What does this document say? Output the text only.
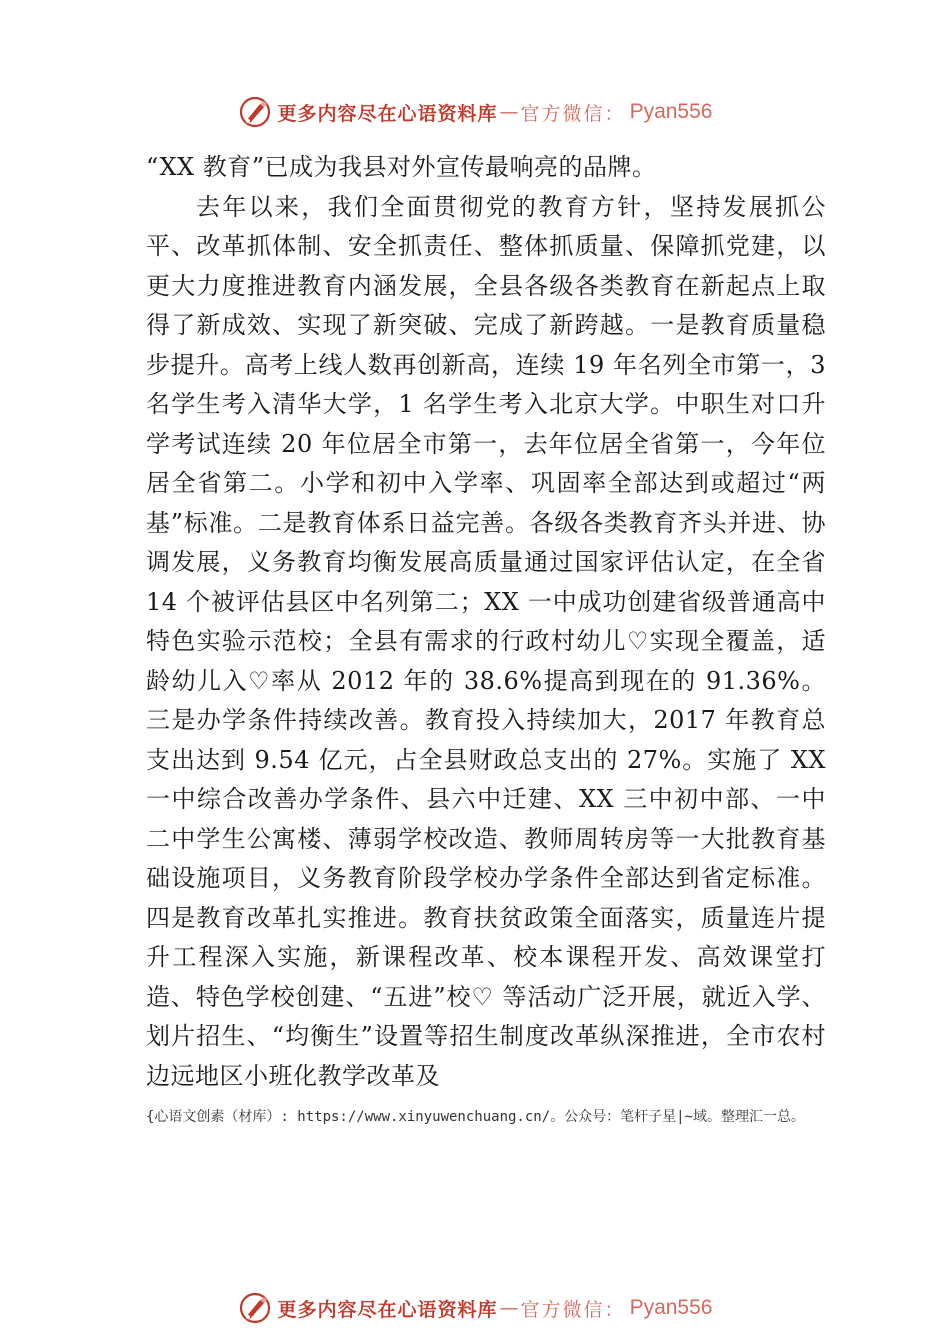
更多内容尽在心语资料库 — 官方微信： Pyan556

“XX 教育”已成为我县对外宣传最响亮的品牌。

去年以来，我们全面贯彻党的教育方针，坚持发展抓公平、改革抓体制、安全抓责任、整体抓质量、保障抓党建，以更大力度推进教育内涵发展，全县各级各类教育在新起点上取得了新成效、实现了新突破、完成了新跨越。一是教育质量稳步提升。高考上线人数再创新高，连续 19 年名列全市第一，3 名学生考入清华大学，1 名学生考入北京大学。中职生对口升学考试连续 20 年位居全市第一，去年位居全省第一，今年位居全省第二。小学和初中入学率、巩固率全部达到或超过“两基”标准。二是教育体系日益完善。各级各类教育齐头并进、协调发展，义务教育均衡发展高质量通过国家评估认定，在全省 14 个被评估县区中名列第二；XX 一中成功创建省级普通高中特色实验示范校；全县有需求的行政村幼儿♡实现全覆盖，适龄幼儿入♡率从 2012 年的 38.6%提高到现在的 91.36%。三是办学条件持续改善。教育投入持续加大，2017 年教育总支出达到 9.54 亿元，占全县财政总支出的 27%。实施了 XX 一中综合改善办学条件、县六中迁建、XX 三中初中部、一中二中学生公寓楼、薄弱学校改造、教师周转房等一大批教育基础设施项目，义务教育阶段学校办学条件全部达到省定标准。四是教育改革扎实推进。教育扶贫政策全面落实，质量连片提升工程深入实施，新课程改革、校本课程开发、高效课堂打造、特色学校创建、“五进”校♡ 等活动广泛开展，就近入学、划片招生、“均衡生”设置等招生制度改革纵深推进，全市农村边远地区小班化教学改革及

{心语文创素（材库）: https://www.xinyuwenchuang.cn/。公众号：笔杆子星|~域。整理汇一总。
更多内容尽在心语资料库 — 官方微信： Pyan556
